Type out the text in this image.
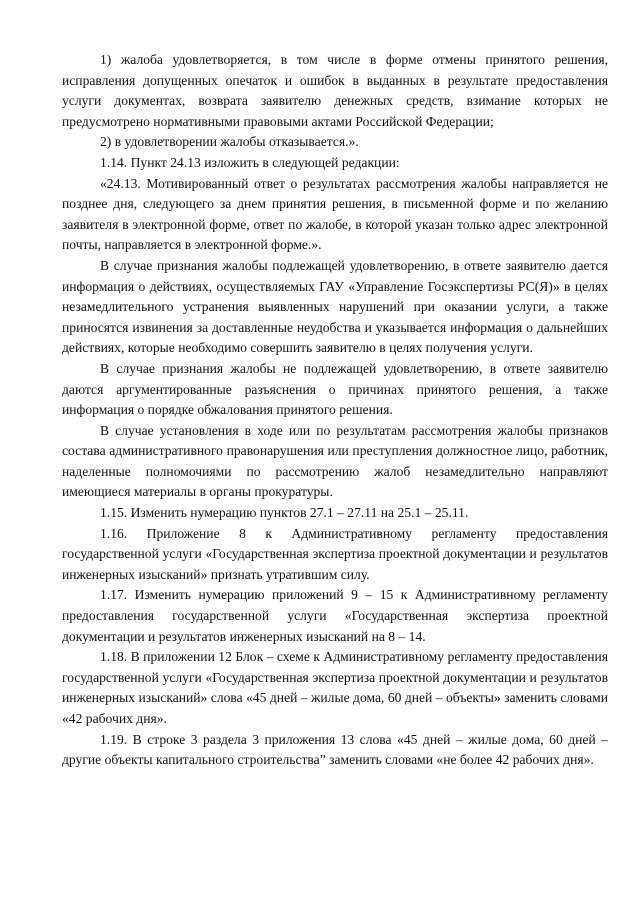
1) жалоба удовлетворяется, в том числе в форме отмены принятого решения, исправления допущенных опечаток и ошибок в выданных в результате предоставления услуги документах, возврата заявителю денежных средств, взимание которых не предусмотрено нормативными правовыми актами Российской Федерации;

2) в удовлетворении жалобы отказывается.».

1.14. Пункт 24.13 изложить в следующей редакции:

«24.13. Мотивированный ответ о результатах рассмотрения жалобы направляется не позднее дня, следующего за днем принятия решения, в письменной форме и по желанию заявителя в электронной форме, ответ по жалобе, в которой указан только адрес электронной почты, направляется в электронной форме.».

В случае признания жалобы подлежащей удовлетворению, в ответе заявителю дается информация о действиях, осуществляемых ГАУ «Управление Госэкспертизы РС(Я)» в целях незамедлительного устранения выявленных нарушений при оказании услуги, а также приносятся извинения за доставленные неудобства и указывается информация о дальнейших действиях, которые необходимо совершить заявителю в целях получения услуги.

В случае признания жалобы не подлежащей удовлетворению, в ответе заявителю даются аргументированные разъяснения о причинах принятого решения, а также информация о порядке обжалования принятого решения.

В случае установления в ходе или по результатам рассмотрения жалобы признаков состава административного правонарушения или преступления должностное лицо, работник, наделенные полномочиями по рассмотрению жалоб незамедлительно направляют имеющиеся материалы в органы прокуратуры.

1.15. Изменить нумерацию пунктов 27.1 – 27.11 на 25.1 – 25.11.

1.16. Приложение 8 к Административному регламенту предоставления государственной услуги «Государственная экспертиза проектной документации и результатов инженерных изысканий» признать утратившим силу.

1.17. Изменить нумерацию приложений 9 – 15 к Административному регламенту предоставления государственной услуги «Государственная экспертиза проектной документации и результатов инженерных изысканий на 8 – 14.

1.18. В приложении 12 Блок – схеме к Административному регламенту предоставления государственной услуги «Государственная экспертиза проектной документации и результатов инженерных изысканий» слова «45 дней – жилые дома, 60 дней – объекты» заменить словами «42 рабочих дня».

1.19. В строке 3 раздела 3 приложения 13 слова «45 дней – жилые дома, 60 дней – другие объекты капитального строительства” заменить словами «не более 42 рабочих дня».
